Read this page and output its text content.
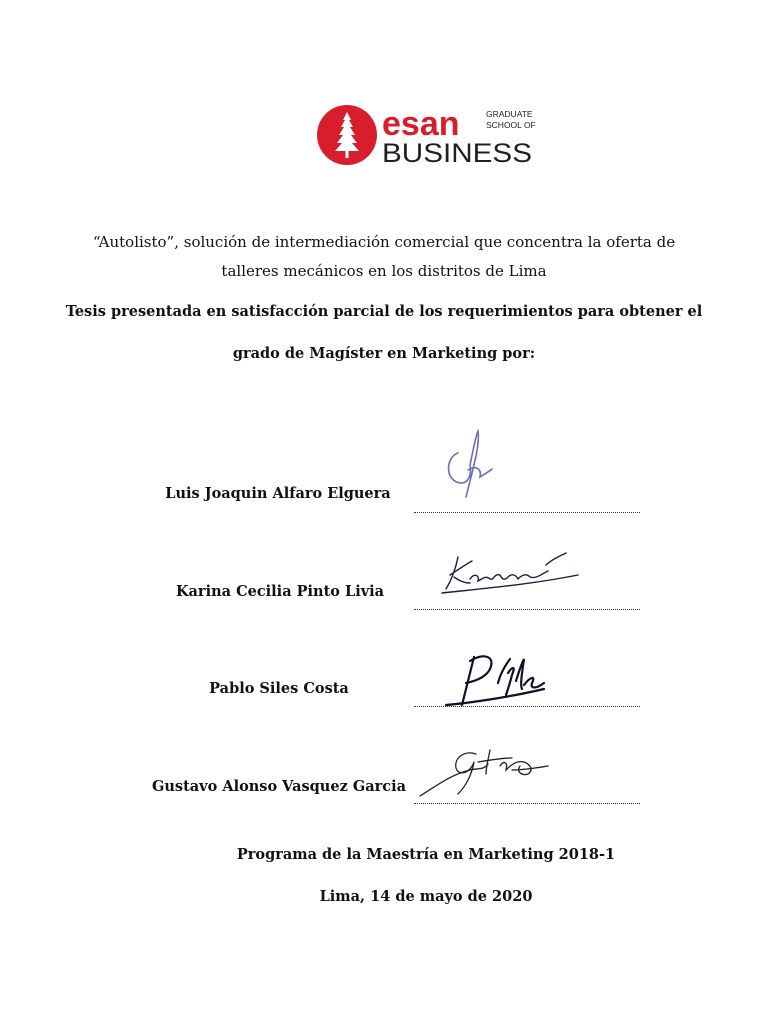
esan	GRADUATE
SCHOOL OF
BUSINESS
“Autolisto”, solución de intermediación comercial que concentra la oferta de
talleres mecánicos en los distritos de Lima
Tesis presentada en satisfacción parcial de los requerimientos para obtener el
grado de Magíster en Marketing por:
Luis Joaquin Alfaro Elguera
Karina Cecilia Pinto Livia
Pablo Siles Costa
Gustavo Alonso Vasquez Garcia
Programa de la Maestría en Marketing 2018-1
Lima, 14 de mayo de 2020
